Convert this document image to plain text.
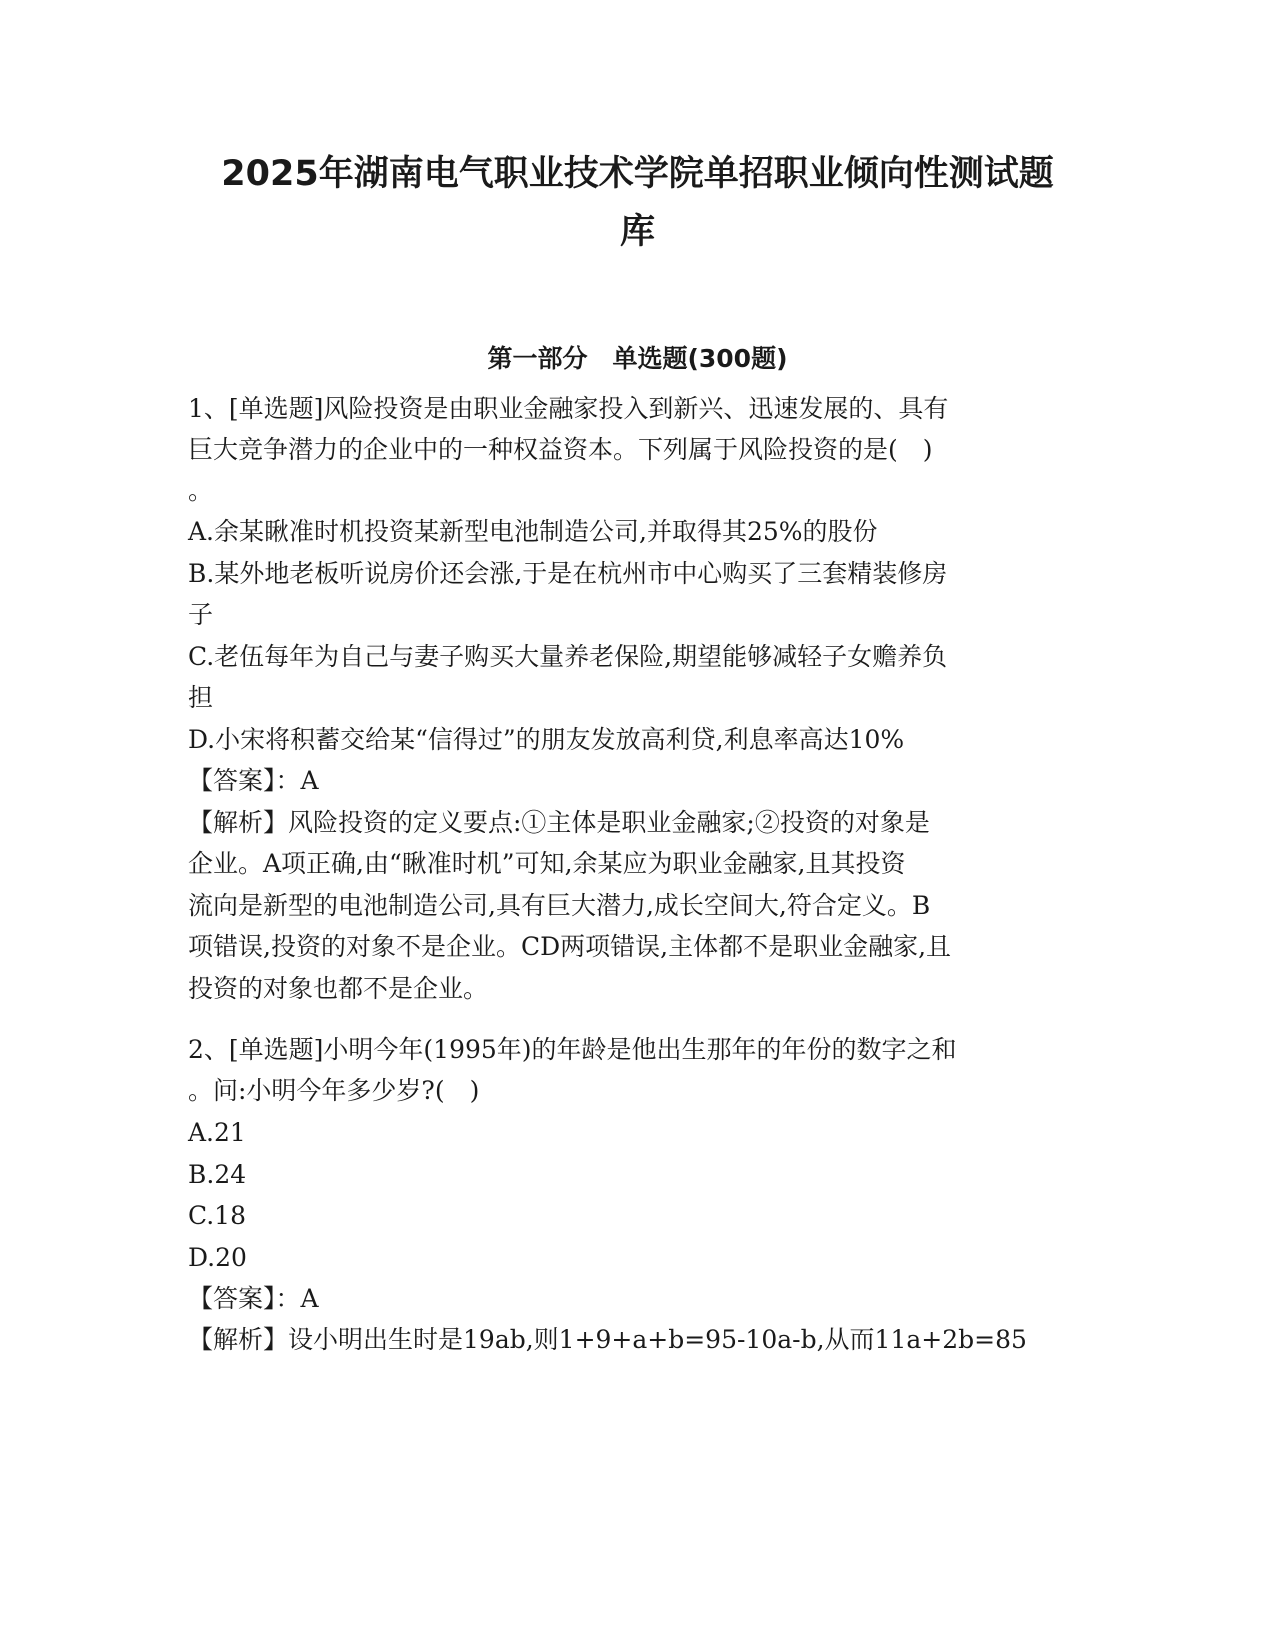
2025年湖南电气职业技术学院单招职业倾向性测试题
库
第一部分　单选题(300题)

1、[单选题]风险投资是由职业金融家投入到新兴、迅速发展的、具有

巨大竞争潜力的企业中的一种权益资本。下列属于风险投资的是(　)

。

A.余某瞅准时机投资某新型电池制造公司,并取得其25%的股份

B.某外地老板听说房价还会涨,于是在杭州市中心购买了三套精装修房

子

C.老伍每年为自己与妻子购买大量养老保险,期望能够减轻子女赡养负

担

D.小宋将积蓄交给某“信得过”的朋友发放高利贷,利息率高达10%

【答案】：A

【解析】风险投资的定义要点:①主体是职业金融家;②投资的对象是

企业。A项正确,由“瞅准时机”可知,余某应为职业金融家,且其投资

流向是新型的电池制造公司,具有巨大潜力,成长空间大,符合定义。B

项错误,投资的对象不是企业。CD两项错误,主体都不是职业金融家,且

投资的对象也都不是企业。

2、[单选题]小明今年(1995年)的年龄是他出生那年的年份的数字之和

。问:小明今年多少岁?(　)

A.21

B.24

C.18

D.20

【答案】：A

【解析】设小明出生时是19ab,则1+9+a+b=95-10a-b,从而11a+2b=85
